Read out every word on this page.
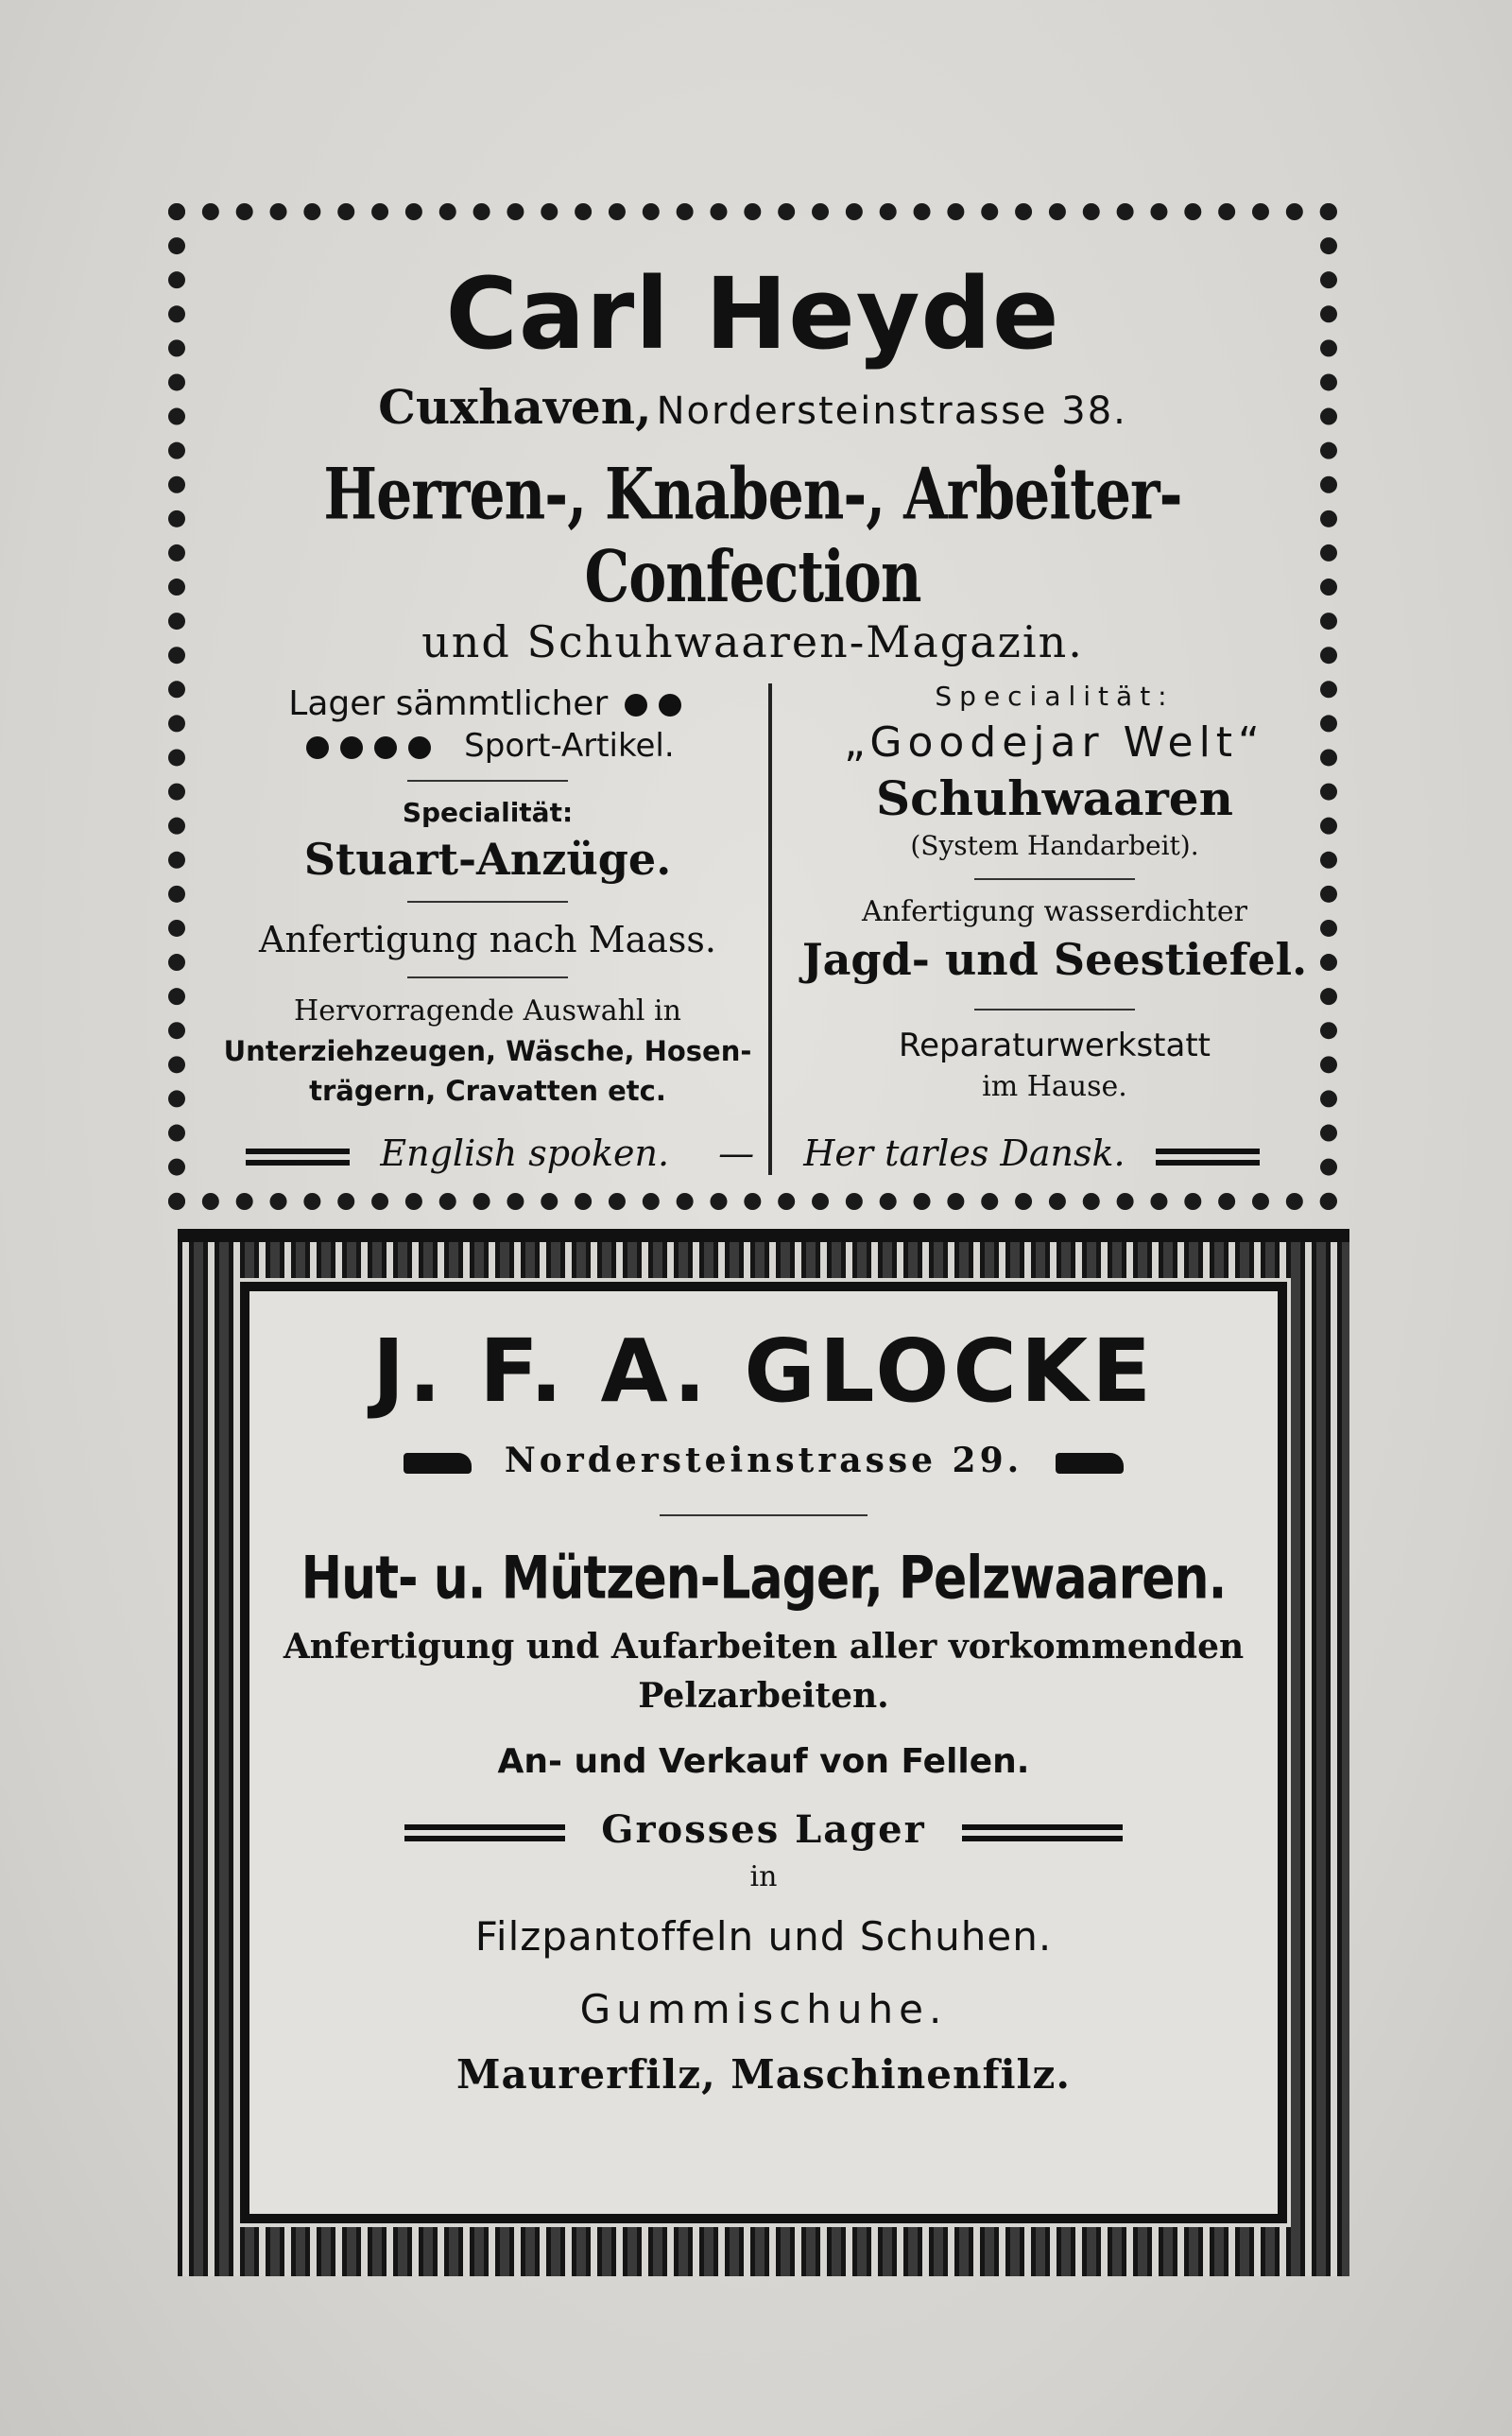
Carl Heyde
Cuxhaven, Nordersteinstrasse 38.
Herren-, Knaben-, Arbeiter-Confection
und Schuhwaaren-Magazin.
Lager sämmtlicher
Sport-Artikel.
Specialität:
Stuart-Anzüge.
Anfertigung nach Maass.
Hervorragende Auswahl in
Unterziehzeugen, Wäsche, Hosen-
trägern, Cravatten etc.
Specialität:
„Goodejar Welt“
Schuhwaaren
(System Handarbeit).
Anfertigung wasserdichter
Jagd- und Seestiefel.
Reparaturwerkstatt
im Hause.
English spoken. — Her tarles Dansk.
J. F. A. GLOCKE
Nordersteinstrasse 29.
Hut- u. Mützen-Lager, Pelzwaaren.
Anfertigung und Aufarbeiten aller vorkommenden
Pelzarbeiten.
An- und Verkauf von Fellen.
Grosses Lager
in
Filzpantoffeln und Schuhen.
Gummischuhe.
Maurerfilz, Maschinenfilz.
